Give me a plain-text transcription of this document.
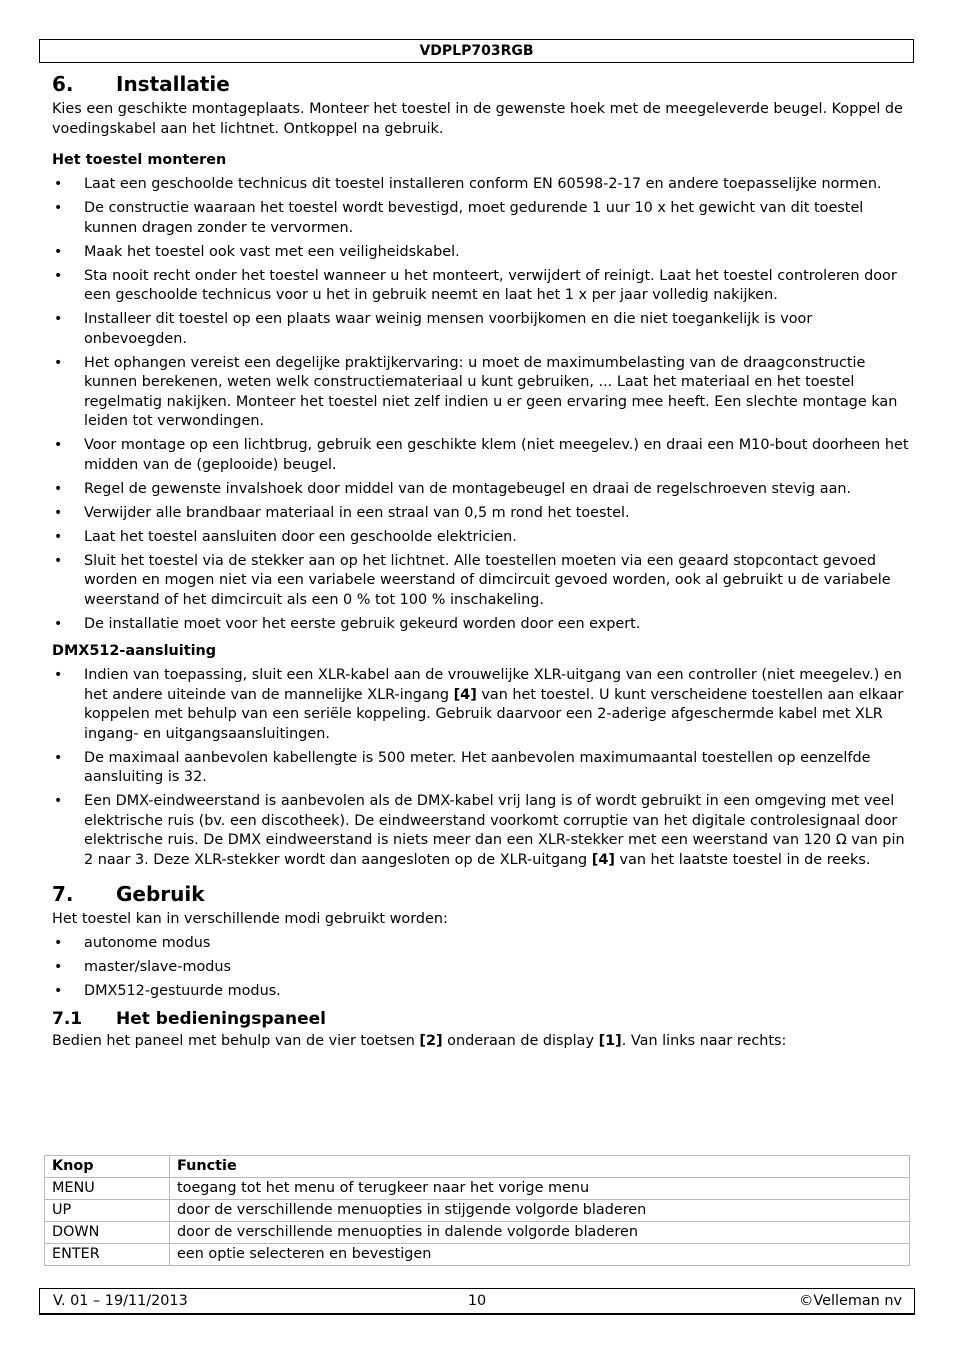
VDPLP703RGB
6. Installatie

Kies een geschikte montageplaats. Monteer het toestel in de gewenste hoek met de meegeleverde beugel. Koppel de voedingskabel aan het lichtnet. Ontkoppel na gebruik.

Het toestel monteren
• Laat een geschoolde technicus dit toestel installeren conform EN 60598-2-17 en andere toepasselijke normen.
• De constructie waaraan het toestel wordt bevestigd, moet gedurende 1 uur 10 x het gewicht van dit toestel kunnen dragen zonder te vervormen.
• Maak het toestel ook vast met een veiligheidskabel.
• Sta nooit recht onder het toestel wanneer u het monteert, verwijdert of reinigt. Laat het toestel controleren door een geschoolde technicus voor u het in gebruik neemt en laat het 1 x per jaar volledig nakijken.
• Installeer dit toestel op een plaats waar weinig mensen voorbijkomen en die niet toegankelijk is voor onbevoegden.
• Het ophangen vereist een degelijke praktijkervaring: u moet de maximumbelasting van de draagconstructie kunnen berekenen, weten welk constructiemateriaal u kunt gebruiken, ... Laat het materiaal en het toestel regelmatig nakijken. Monteer het toestel niet zelf indien u er geen ervaring mee heeft. Een slechte montage kan leiden tot verwondingen.
• Voor montage op een lichtbrug, gebruik een geschikte klem (niet meegelev.) en draai een M10-bout doorheen het midden van de (geplooide) beugel.
• Regel de gewenste invalshoek door middel van de montagebeugel en draai de regelschroeven stevig aan.
• Verwijder alle brandbaar materiaal in een straal van 0,5 m rond het toestel.
• Laat het toestel aansluiten door een geschoolde elektricien.
• Sluit het toestel via de stekker aan op het lichtnet. Alle toestellen moeten via een geaard stopcontact gevoed worden en mogen niet via een variabele weerstand of dimcircuit gevoed worden, ook al gebruikt u de variabele weerstand of het dimcircuit als een 0 % tot 100 % inschakeling.
• De installatie moet voor het eerste gebruik gekeurd worden door een expert.
DMX512-aansluiting
• Indien van toepassing, sluit een XLR-kabel aan de vrouwelijke XLR-uitgang van een controller (niet meegelev.) en het andere uiteinde van de mannelijke XLR-ingang [4] van het toestel. U kunt verscheidene toestellen aan elkaar koppelen met behulp van een seriële koppeling. Gebruik daarvoor een 2-aderige afgeschermde kabel met XLR ingang- en uitgangsaansluitingen.
• De maximaal aanbevolen kabellengte is 500 meter. Het aanbevolen maximumaantal toestellen op eenzelfde aansluiting is 32.
• Een DMX-eindweerstand is aanbevolen als de DMX-kabel vrij lang is of wordt gebruikt in een omgeving met veel elektrische ruis (bv. een discotheek). De eindweerstand voorkomt corruptie van het digitale controlesignaal door elektrische ruis. De DMX eindweerstand is niets meer dan een XLR-stekker met een weerstand van 120 Ω van pin 2 naar 3. Deze XLR-stekker wordt dan aangesloten op de XLR-uitgang [4] van het laatste toestel in de reeks.
7. Gebruik

Het toestel kan in verschillende modi gebruikt worden:

• autonome modus
• master/slave-modus
• DMX512-gestuurde modus.
7.1 Het bedieningspaneel

Bedien het paneel met behulp van de vier toetsen [2] onderaan de display [1]. Van links naar rechts:

Knop	Functie
MENU	toegang tot het menu of terugkeer naar het vorige menu
UP	door de verschillende menuopties in stijgende volgorde bladeren
DOWN	door de verschillende menuopties in dalende volgorde bladeren
ENTER	een optie selecteren en bevestigen
V. 01 – 19/11/2013	10	©Velleman nv
